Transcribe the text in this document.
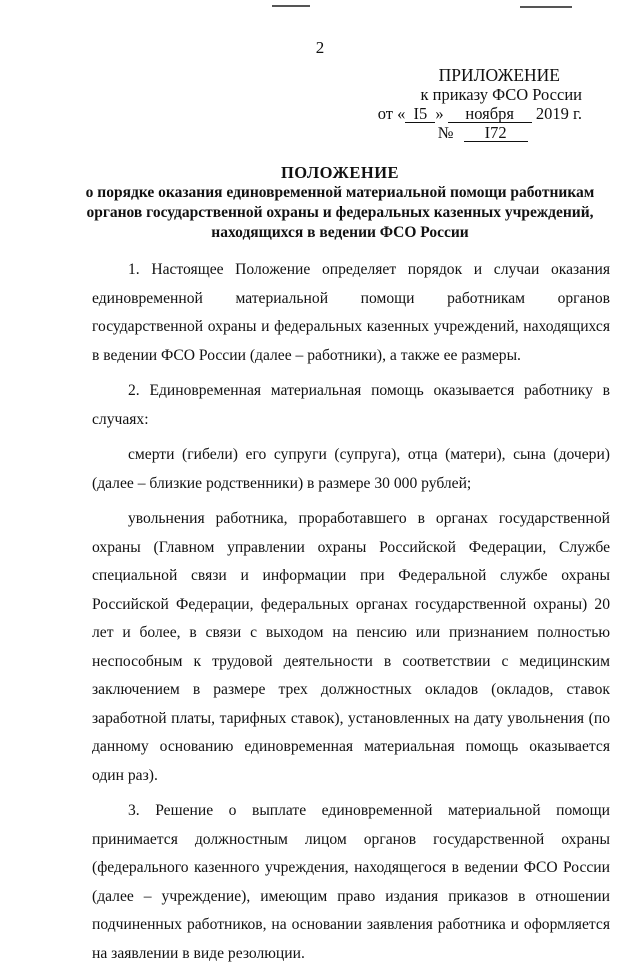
2
ПРИЛОЖЕНИЕ
к приказу ФСО России
от « I5 » ноября 2019 г.
№ I72
ПОЛОЖЕНИЕ
о порядке оказания единовременной материальной помощи работникам
органов государственной охраны и федеральных казенных учреждений,
находящихся в ведении ФСО России

1. Настоящее Положение определяет порядок и случаи оказания единовременной материальной помощи работникам органов государственной охраны и федеральных казенных учреждений, находящихся в ведении ФСО России (далее – работники), а также ее размеры.

2. Единовременная материальная помощь оказывается работнику в случаях:

смерти (гибели) его супруги (супруга), отца (матери), сына (дочери) (далее – близкие родственники) в размере 30 000 рублей;

увольнения работника, проработавшего в органах государственной охраны (Главном управлении охраны Российской Федерации, Службе специальной связи и информации при Федеральной службе охраны Российской Федерации, федеральных органах государственной охраны) 20 лет и более, в связи с выходом на пенсию или признанием полностью неспособным к трудовой деятельности в соответствии с медицинским заключением в размере трех должностных окладов (окладов, ставок заработной платы, тарифных ставок), установленных на дату увольнения (по данному основанию единовременная материальная помощь оказывается один раз).

3. Решение о выплате единовременной материальной помощи принимается должностным лицом органов государственной охраны (федерального казенного учреждения, находящегося в ведении ФСО России (далее – учреждение), имеющим право издания приказов в отношении подчиненных работников, на основании заявления работника и оформляется на заявлении в виде резолюции.
